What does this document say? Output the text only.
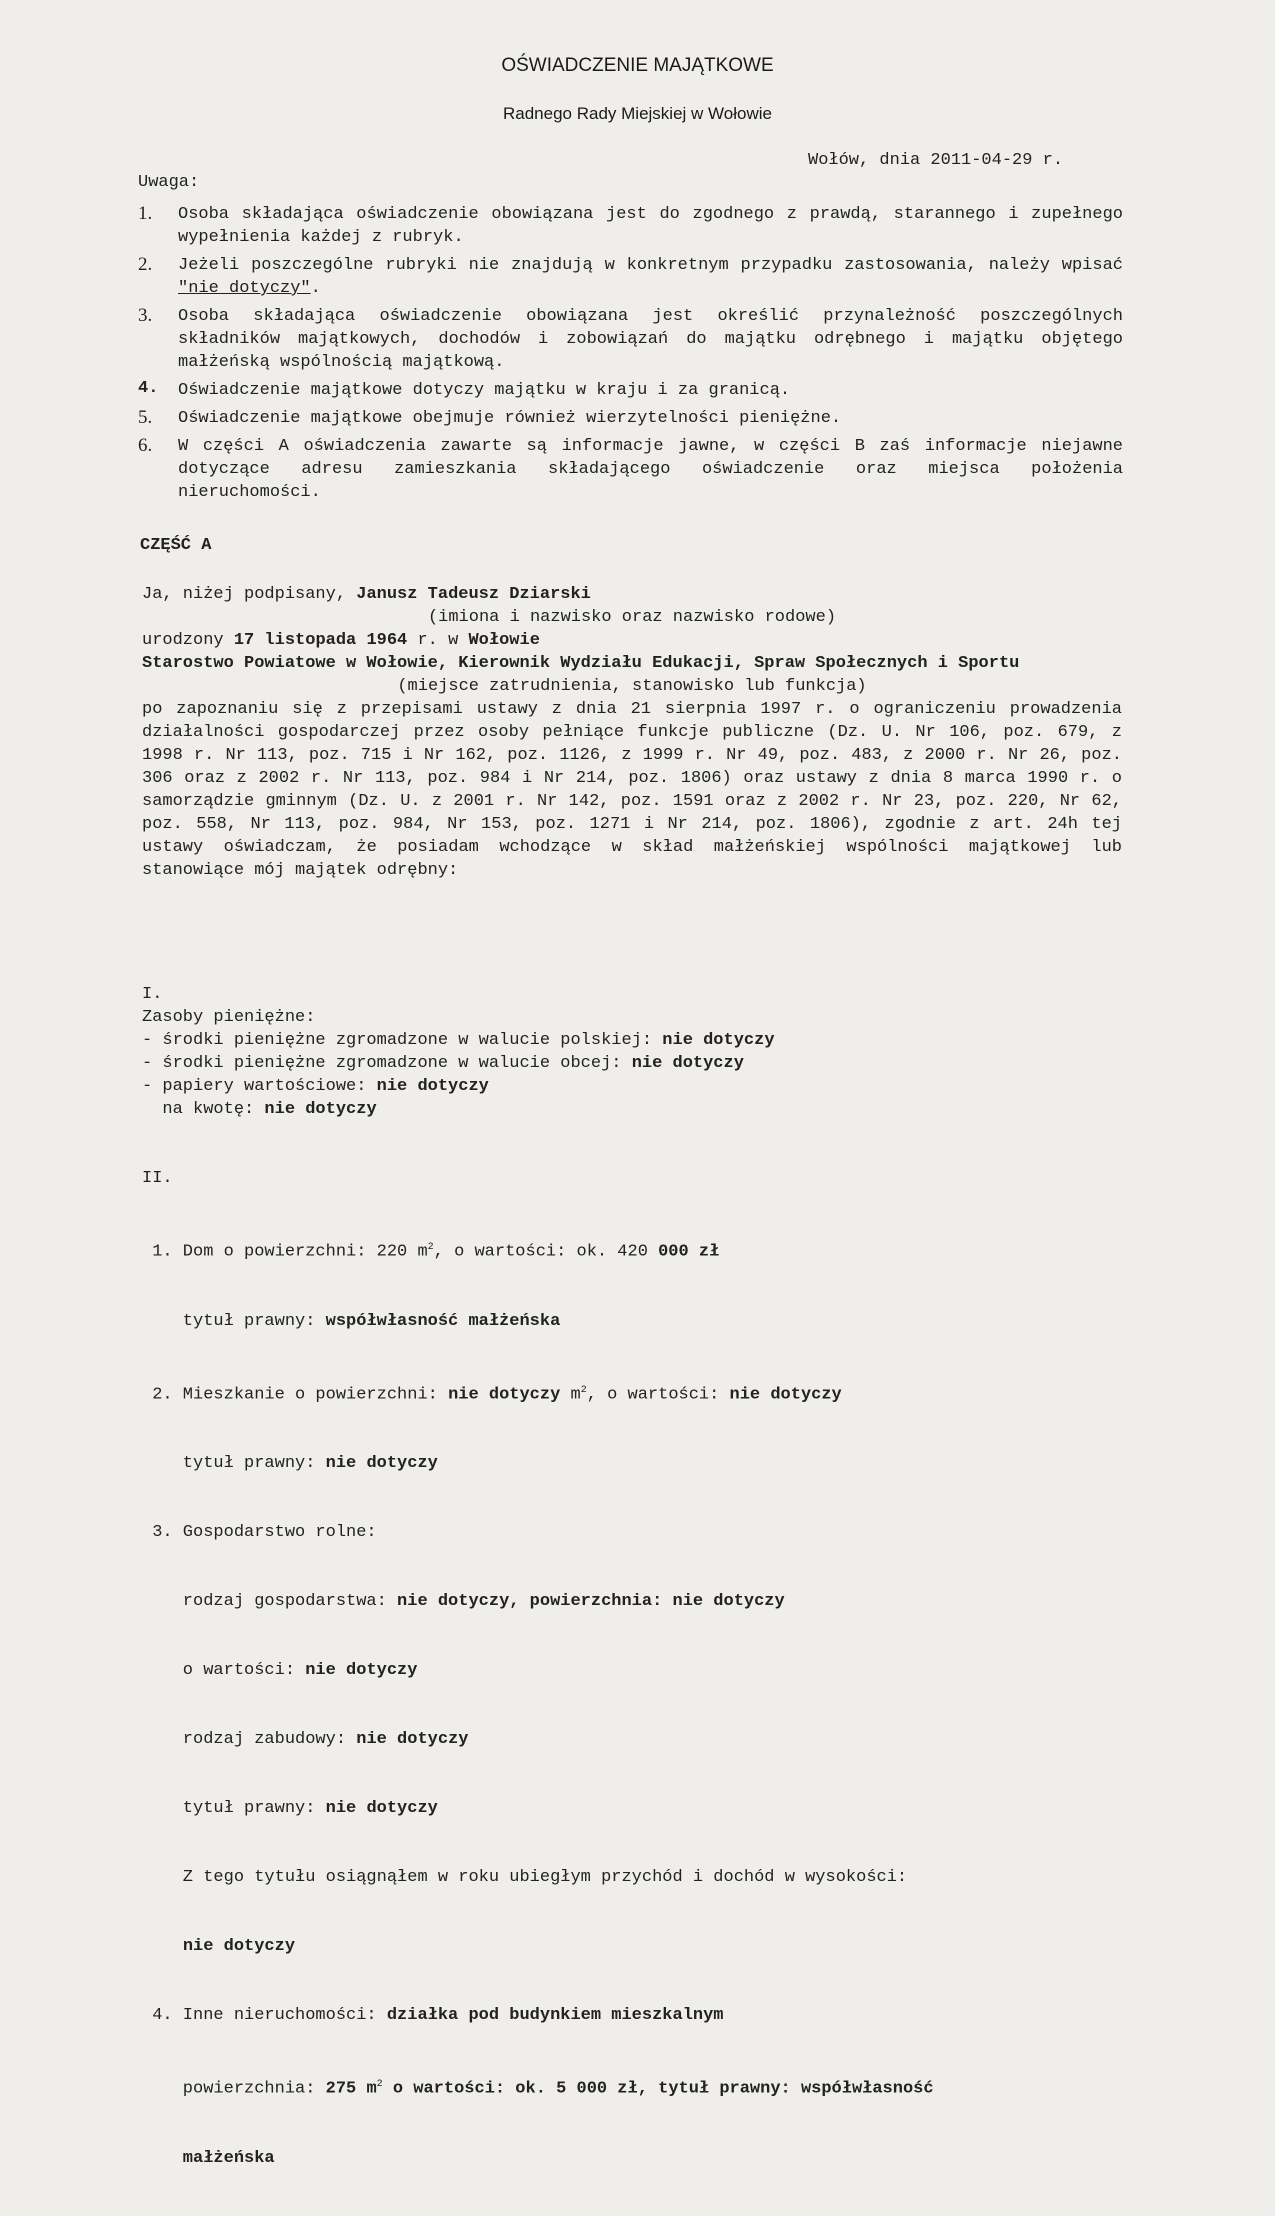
OŚWIADCZENIE MAJĄTKOWE
Radnego Rady Miejskiej w Wołowie
Wołów, dnia 2011-04-29 r.
Uwaga:
1.	Osoba składająca oświadczenie obowiązana jest do zgodnego z prawdą, starannego i zupełnego wypełnienia każdej z rubryk.
2.	Jeżeli poszczególne rubryki nie znajdują w konkretnym przypadku zastosowania, należy wpisać "nie dotyczy".
3.	Osoba składająca oświadczenie obowiązana jest określić przynależność poszczególnych składników majątkowych, dochodów i zobowiązań do majątku odrębnego i majątku objętego małżeńską wspólnością majątkową.
4.	Oświadczenie majątkowe dotyczy majątku w kraju i za granicą.
5.	Oświadczenie majątkowe obejmuje również wierzytelności pieniężne.
6.	W części A oświadczenia zawarte są informacje jawne, w części B zaś informacje niejawne dotyczące adresu zamieszkania składającego oświadczenie oraz miejsca położenia nieruchomości.
CZĘŚĆ A
Ja, niżej podpisany, Janusz Tadeusz Dziarski
(imiona i nazwisko oraz nazwisko rodowe)
urodzony 17 listopada 1964 r. w Wołowie
Starostwo Powiatowe w Wołowie, Kierownik Wydziału Edukacji, Spraw Społecznych i Sportu
(miejsce zatrudnienia, stanowisko lub funkcja)
po zapoznaniu się z przepisami ustawy z dnia 21 sierpnia 1997 r. o ograniczeniu prowadzenia działalności gospodarczej przez osoby pełniące funkcje publiczne (Dz. U. Nr 106, poz. 679, z 1998 r. Nr 113, poz. 715 i Nr 162, poz. 1126, z 1999 r. Nr 49, poz. 483, z 2000 r. Nr 26, poz. 306 oraz z 2002 r. Nr 113, poz. 984 i Nr 214, poz. 1806) oraz ustawy z dnia 8 marca 1990 r. o samorządzie gminnym (Dz. U. z 2001 r. Nr 142, poz. 1591 oraz z 2002 r. Nr 23, poz. 220, Nr 62, poz. 558, Nr 113, poz. 984, Nr 153, poz. 1271 i Nr 214, poz. 1806), zgodnie z art. 24h tej ustawy oświadczam, że posiadam wchodzące w skład małżeńskiej wspólności majątkowej lub stanowiące mój majątek odrębny:
I.
Zasoby pieniężne:
- środki pieniężne zgromadzone w walucie polskiej: nie dotyczy
- środki pieniężne zgromadzone w walucie obcej: nie dotyczy
- papiery wartościowe: nie dotyczy
na kwotę: nie dotyczy

II.

1. Dom o powierzchni: 220 $m^2$, o wartości: ok. 420 000 zł

tytuł prawny: współwłasność małżeńska

2. Mieszkanie o powierzchni: nie dotyczy $m^2$, o wartości: nie dotyczy

tytuł prawny: nie dotyczy

3. Gospodarstwo rolne:

rodzaj gospodarstwa: nie dotyczy, powierzchnia: nie dotyczy

o wartości: nie dotyczy

rodzaj zabudowy: nie dotyczy

tytuł prawny: nie dotyczy

Z tego tytułu osiągnąłem w roku ubiegłym przychód i dochód w wysokości:

nie dotyczy

4. Inne nieruchomości: działka pod budynkiem mieszkalnym

powierzchnia: 275 $m^2$ o wartości: ok. 5 000 zł, tytuł prawny: współwłasność

małżeńska
